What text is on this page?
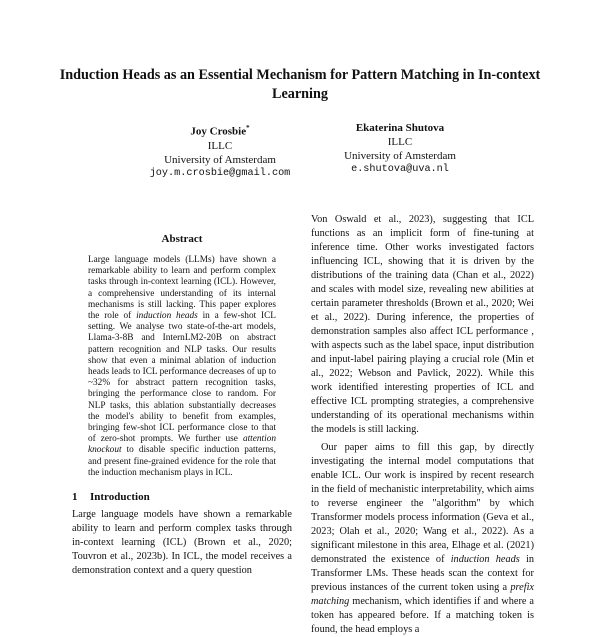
Induction Heads as an Essential Mechanism for Pattern Matching in In-context Learning
Joy Crosbie*
ILLC
University of Amsterdam
joy.m.crosbie@gmail.com
Ekaterina Shutova
ILLC
University of Amsterdam
e.shutova@uva.nl
Abstract

Large language models (LLMs) have shown a remarkable ability to learn and perform complex tasks through in-context learning (ICL). However, a comprehensive understanding of its internal mechanisms is still lacking. This paper explores the role of induction heads in a few-shot ICL setting. We analyse two state-of-the-art models, Llama-3-8B and InternLM2-20B on abstract pattern recognition and NLP tasks. Our results show that even a minimal ablation of induction heads leads to ICL performance decreases of up to ~32% for abstract pattern recognition tasks, bringing the performance close to random. For NLP tasks, this ablation substantially decreases the model's ability to benefit from examples, bringing few-shot ICL performance close to that of zero-shot prompts. We further use attention knockout to disable specific induction patterns, and present fine-grained evidence for the role that the induction mechanism plays in ICL.

1 Introduction

Large language models have shown a remarkable ability to learn and perform complex tasks through in-context learning (ICL) (Brown et al., 2020; Touvron et al., 2023b). In ICL, the model receives a demonstration context and a query question

Von Oswald et al., 2023), suggesting that ICL functions as an implicit form of fine-tuning at inference time. Other works investigated factors influencing ICL, showing that it is driven by the distributions of the training data (Chan et al., 2022) and scales with model size, revealing new abilities at certain parameter thresholds (Brown et al., 2020; Wei et al., 2022). During inference, the properties of demonstration samples also affect ICL performance , with aspects such as the label space, input distribution and input-label pairing playing a crucial role (Min et al., 2022; Webson and Pavlick, 2022). While this work identified interesting properties of ICL and effective ICL prompting strategies, a comprehensive understanding of its operational mechanisms within the models is still lacking.

Our paper aims to fill this gap, by directly investigating the internal model computations that enable ICL. Our work is inspired by recent research in the field of mechanistic interpretability, which aims to reverse engineer the "algorithm" by which Transformer models process information (Geva et al., 2023; Olah et al., 2020; Wang et al., 2022). As a significant milestone in this area, Elhage et al. (2021) demonstrated the existence of induction heads in Transformer LMs. These heads scan the context for previous instances of the current token using a prefix matching mechanism, which identifies if and where a token has appeared before. If a matching token is found, the head employs a
